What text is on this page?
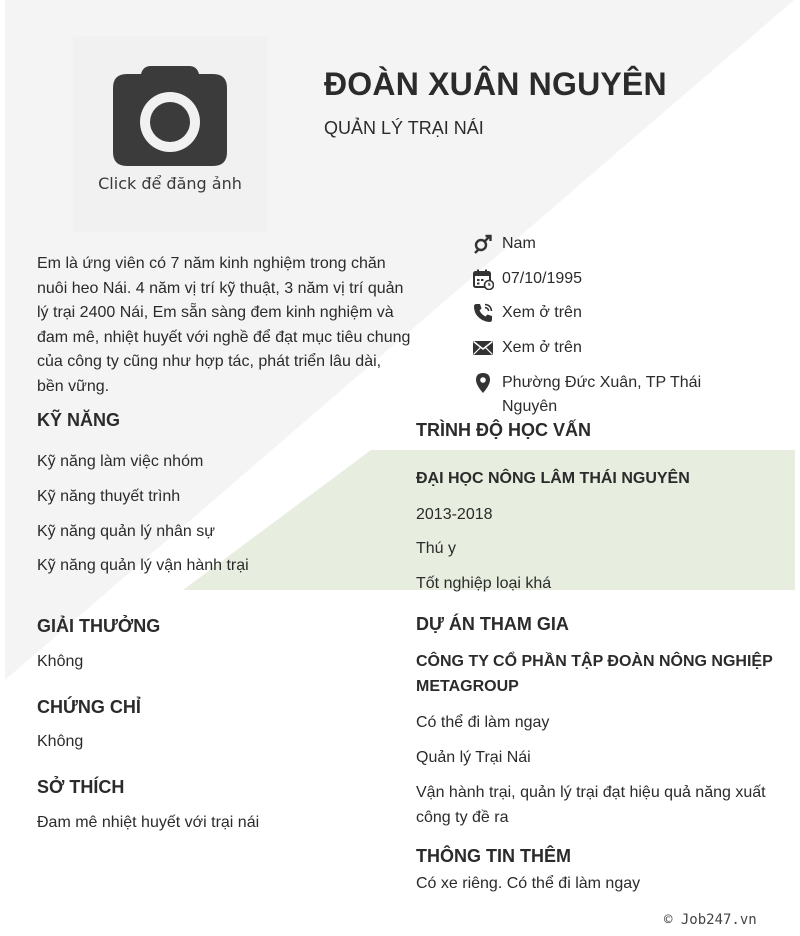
Click để đăng ảnh
ĐOÀN XUÂN NGUYÊN
QUẢN LÝ TRẠI NÁI
Em là ứng viên có 7 năm kinh nghiệm trong chăn nuôi heo Nái. 4 năm vị trí kỹ thuật, 3 năm vị trí quản lý trại 2400 Nái, Em sẵn sàng đem kinh nghiệm và đam mê, nhiệt huyết với nghề để đạt mục tiêu chung của công ty cũng như hợp tác, phát triển lâu dài, bền vững.
Nam
07/10/1995
Xem ở trên
Xem ở trên
Phường Đức Xuân, TP Thái Nguyên
KỸ NĂNG
Kỹ năng làm việc nhóm
Kỹ năng thuyết trình
Kỹ năng quản lý nhân sự
Kỹ năng quản lý vận hành trại
GIẢI THƯỞNG
Không
CHỨNG CHỈ
Không
SỞ THÍCH
Đam mê nhiệt huyết với trại nái
TRÌNH ĐỘ HỌC VẤN
ĐẠI HỌC NÔNG LÂM THÁI NGUYÊN
2013-2018
Thú y
Tốt nghiệp loại khá
DỰ ÁN THAM GIA
CÔNG TY CỔ PHẦN TẬP ĐOÀN NÔNG NGHIỆP METAGROUP
Có thể đi làm ngay
Quản lý Trại Nái
Vận hành trại, quản lý trại đạt hiệu quả năng xuất công ty đề ra
THÔNG TIN THÊM
Có xe riêng. Có thể đi làm ngay
© Job247.vn
